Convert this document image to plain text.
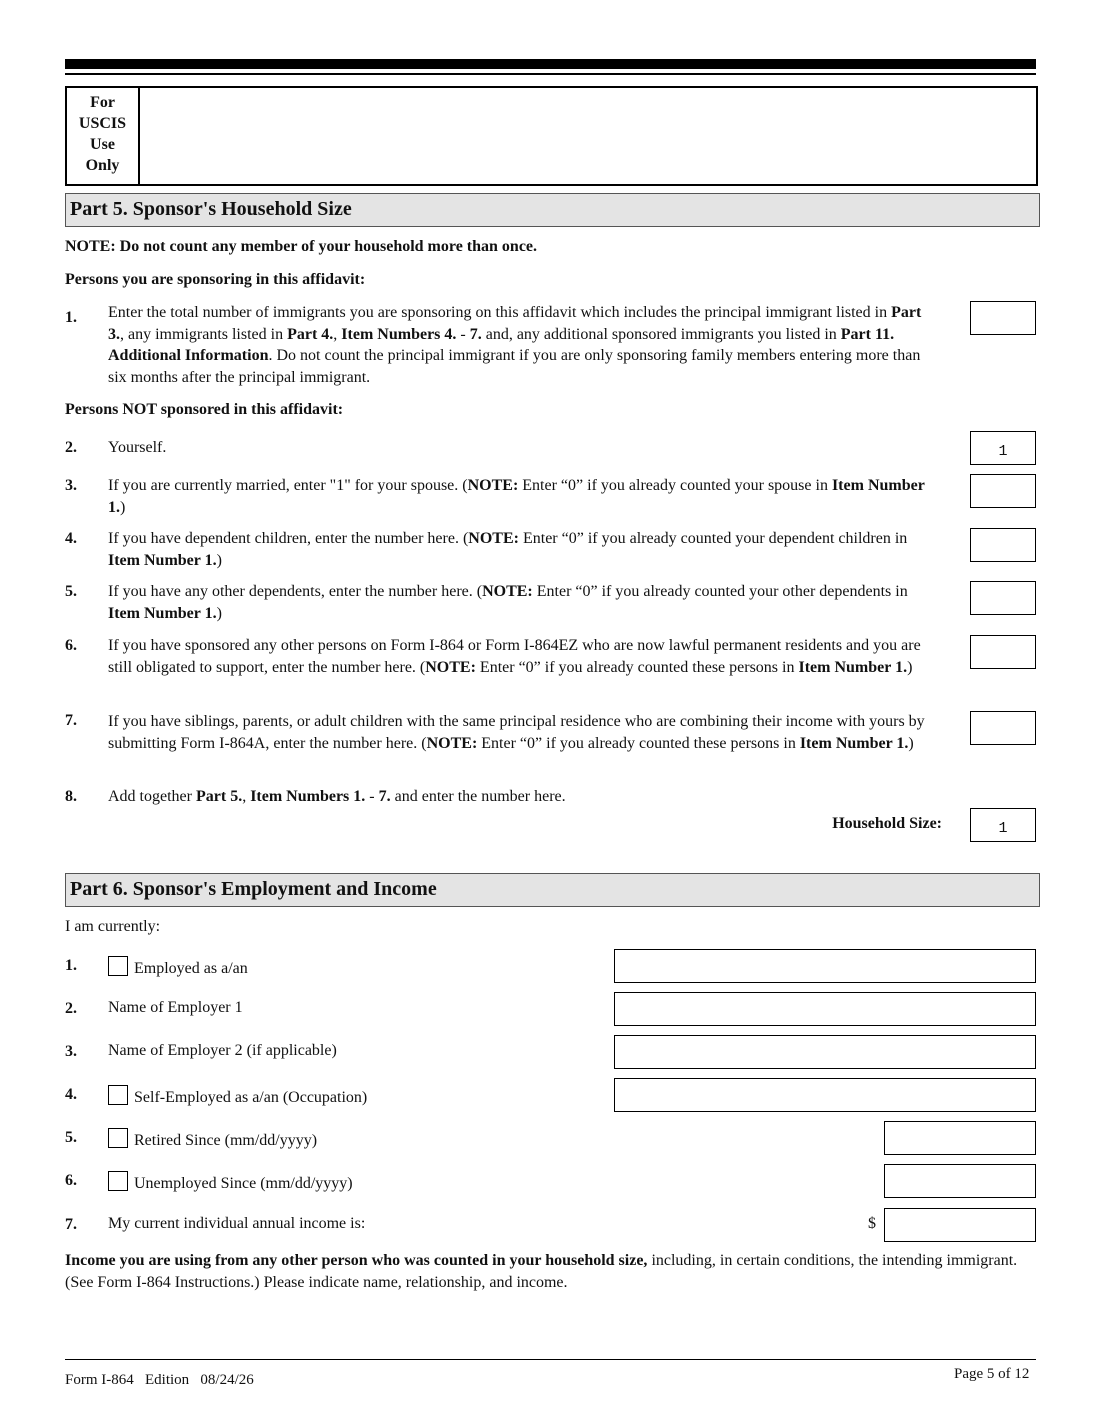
For
USCIS
Use
Only
Part 5. Sponsor's Household Size
NOTE: Do not count any member of your household more than once.
Persons you are sponsoring in this affidavit:
1. Enter the total number of immigrants you are sponsoring on this affidavit which includes the principal immigrant listed in Part 3., any immigrants listed in Part 4., Item Numbers 4. - 7. and, any additional sponsored immigrants you listed in Part 11. Additional Information. Do not count the principal immigrant if you are only sponsoring family members entering more than six months after the principal immigrant.
Persons NOT sponsored in this affidavit:
2. Yourself.	1
3. If you are currently married, enter "1" for your spouse. (NOTE: Enter “0” if you already counted your spouse in Item Number 1.)
4. If you have dependent children, enter the number here. (NOTE: Enter “0” if you already counted your dependent children in Item Number 1.)
5. If you have any other dependents, enter the number here. (NOTE: Enter “0” if you already counted your other dependents in Item Number 1.)
6. If you have sponsored any other persons on Form I-864 or Form I-864EZ who are now lawful permanent residents and you are still obligated to support, enter the number here. (NOTE: Enter “0” if you already counted these persons in Item Number 1.)
7. If you have siblings, parents, or adult children with the same principal residence who are combining their income with yours by submitting Form I-864A, enter the number here. (NOTE: Enter “0” if you already counted these persons in Item Number 1.)
8. Add together Part 5., Item Numbers 1. - 7. and enter the number here.
Household Size:	1
Part 6. Sponsor's Employment and Income
I am currently:
1.	Employed as a/an
2. Name of Employer 1
3. Name of Employer 2 (if applicable)
4.	Self-Employed as a/an (Occupation)
5.	Retired Since (mm/dd/yyyy)
6.	Unemployed Since (mm/dd/yyyy)
7. My current individual annual income is:	$
Income you are using from any other person who was counted in your household size, including, in certain conditions, the intending immigrant. (See Form I-864 Instructions.) Please indicate name, relationship, and income.
Form I-864   Edition   08/24/26	Page 5 of 12
